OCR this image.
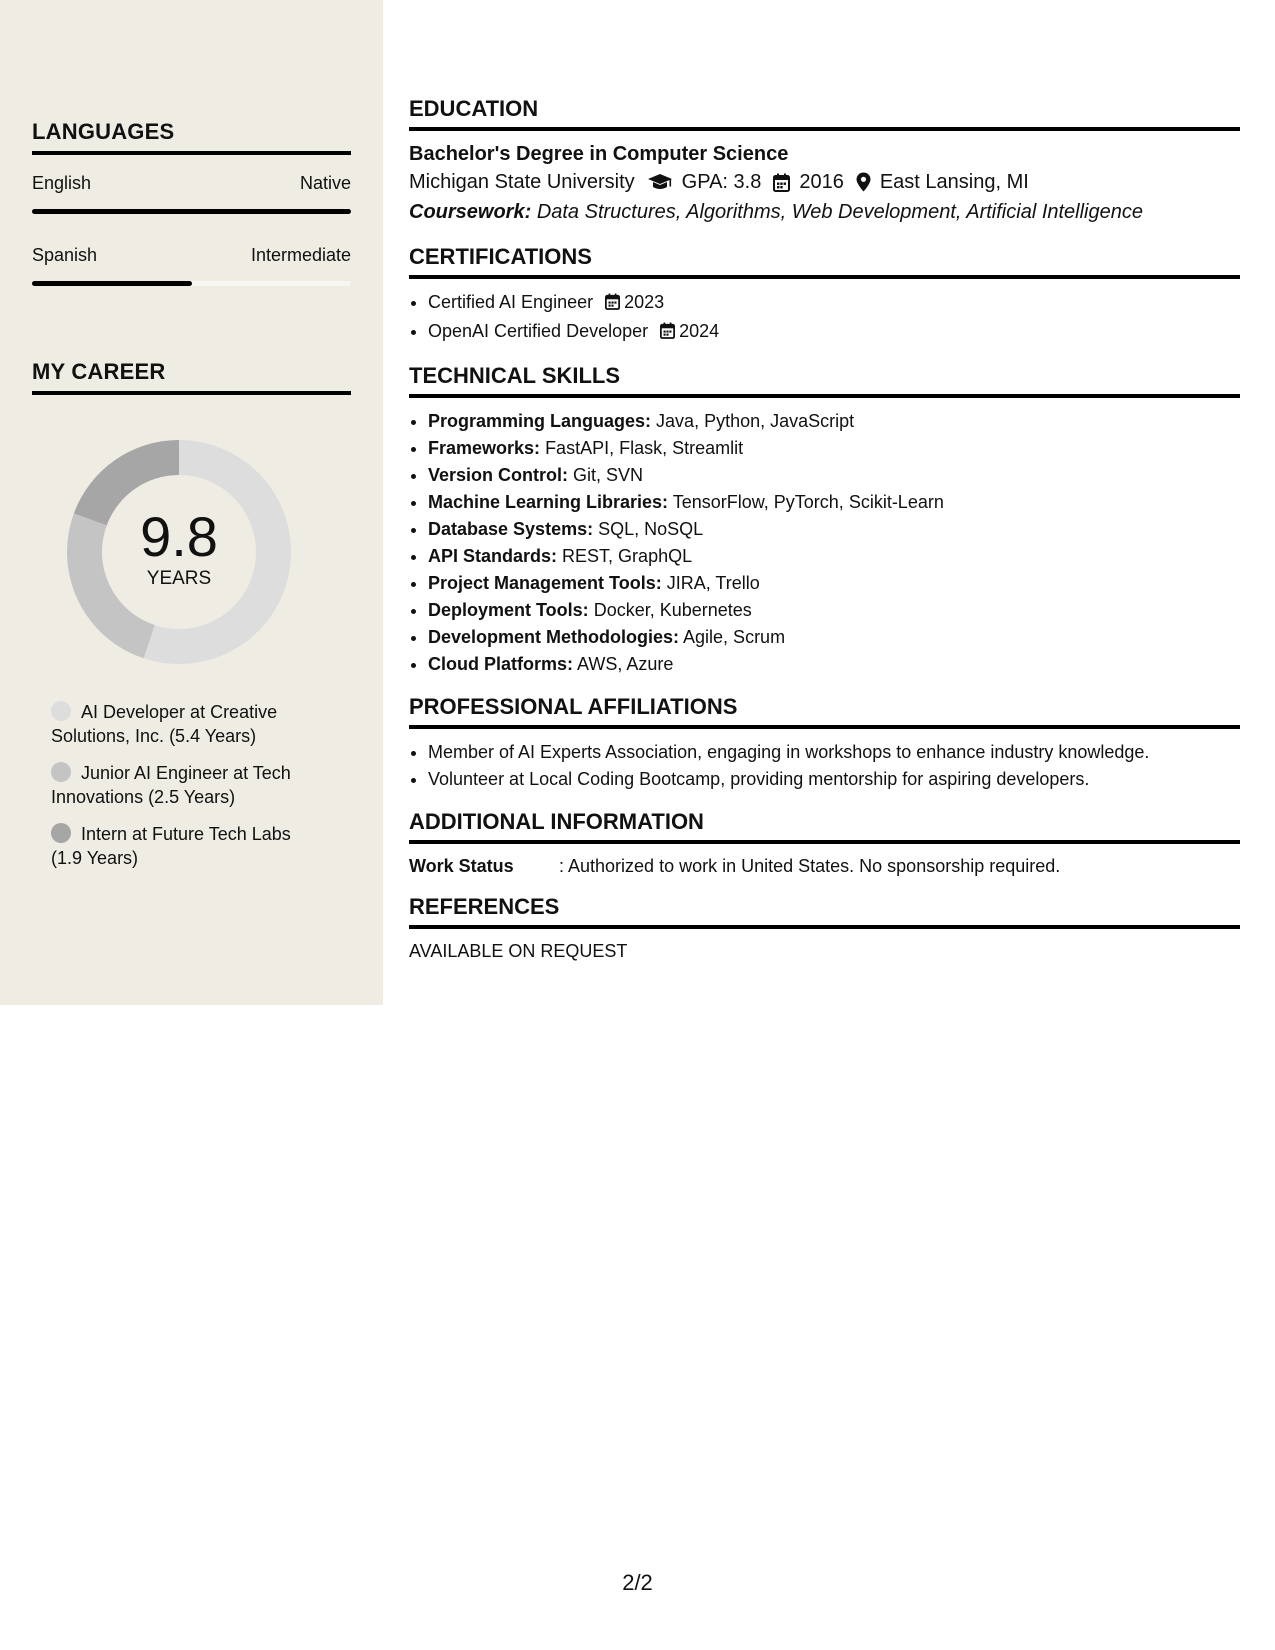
LANGUAGES
English	Native
Spanish	Intermediate
MY CAREER
9.8
YEARS
AI Developer at Creative Solutions, Inc. (5.4 Years)
Junior AI Engineer at Tech Innovations (2.5 Years)
Intern at Future Tech Labs (1.9 Years)
EDUCATION
Bachelor's Degree in Computer Science
Michigan State University GPA: 3.8 2016 East Lansing, MI
Coursework: Data Structures, Algorithms, Web Development, Artificial Intelligence
CERTIFICATIONS
• Certified AI Engineer 2023
• OpenAI Certified Developer 2024
TECHNICAL SKILLS
• Programming Languages: Java, Python, JavaScript
• Frameworks: FastAPI, Flask, Streamlit
• Version Control: Git, SVN
• Machine Learning Libraries: TensorFlow, PyTorch, Scikit-Learn
• Database Systems: SQL, NoSQL
• API Standards: REST, GraphQL
• Project Management Tools: JIRA, Trello
• Deployment Tools: Docker, Kubernetes
• Development Methodologies: Agile, Scrum
• Cloud Platforms: AWS, Azure
PROFESSIONAL AFFILIATIONS
• Member of AI Experts Association, engaging in workshops to enhance industry knowledge.
• Volunteer at Local Coding Bootcamp, providing mentorship for aspiring developers.
ADDITIONAL INFORMATION
Work Status	: Authorized to work in United States. No sponsorship required.
REFERENCES
AVAILABLE ON REQUEST
2/2
